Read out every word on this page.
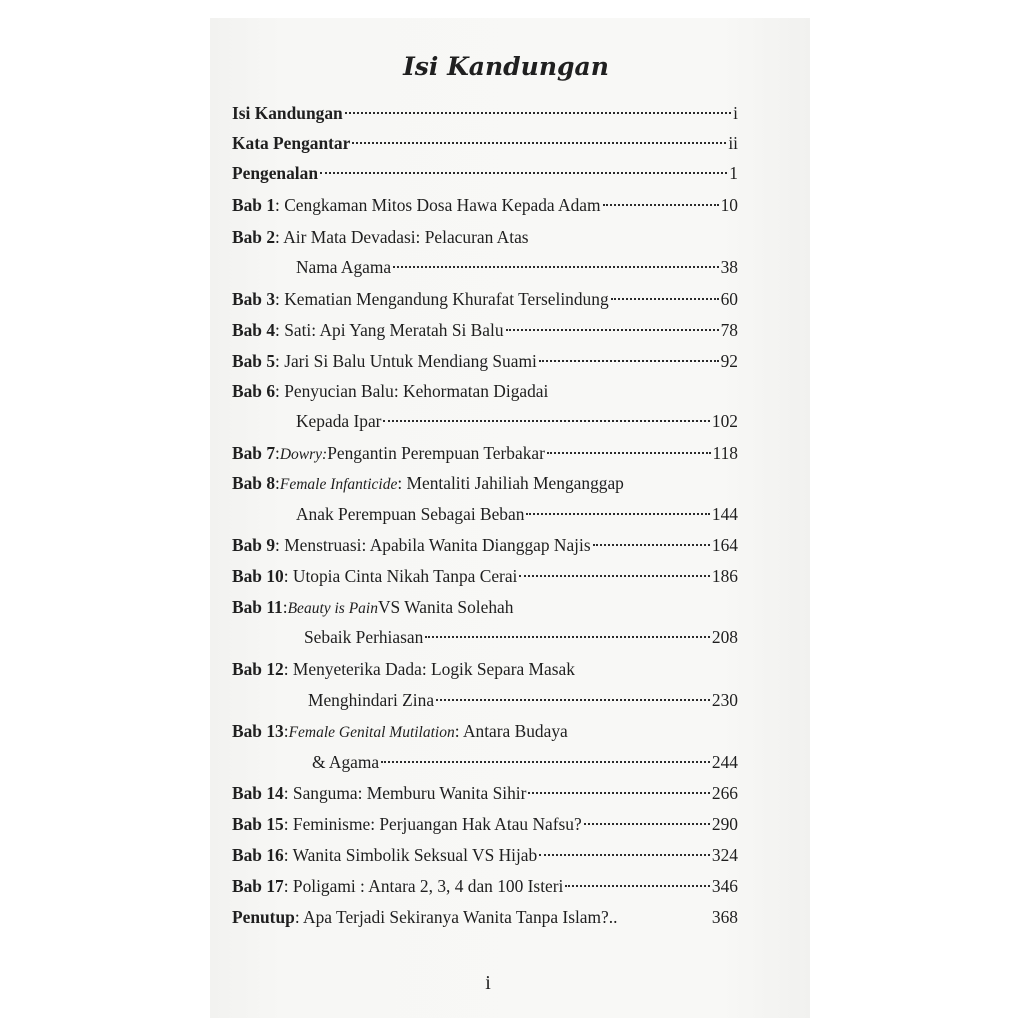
Isi Kandungan
Isi Kandungan	i
Kata Pengantar	ii
Pengenalan	1
Bab 1 : Cengkaman Mitos Dosa Hawa Kepada Adam	10
Bab 2 : Air Mata Devadasi: Pelacuran Atas
Nama Agama	38
Bab 3 : Kematian Mengandung Khurafat Terselindung	60
Bab 4 : Sati: Api Yang Meratah Si Balu	78
Bab 5 : Jari Si Balu Untuk Mendiang Suami	92
Bab 6 : Penyucian Balu: Kehormatan Digadai
Kepada Ipar	102
Bab 7 : Dowry: Pengantin Perempuan Terbakar	118
Bab 8 : Female Infanticide : Mentaliti Jahiliah Menganggap
Anak Perempuan Sebagai Beban	144
Bab 9 : Menstruasi: Apabila Wanita Dianggap Najis	164
Bab 10 : Utopia Cinta Nikah Tanpa Cerai	186
Bab 11 : Beauty is Pain VS Wanita Solehah
Sebaik Perhiasan	208
Bab 12 : Menyeterika Dada: Logik Separa Masak
Menghindari Zina	230
Bab 13 : Female Genital Mutilation : Antara Budaya
& Agama	244
Bab 14 : Sanguma: Memburu Wanita Sihir	266
Bab 15 : Feminisme: Perjuangan Hak Atau Nafsu?	290
Bab 16 : Wanita Simbolik Seksual VS Hijab	324
Bab 17 : Poligami : Antara 2, 3, 4 dan 100 Isteri	346
Penutup : Apa Terjadi Sekiranya Wanita Tanpa Islam?..	368
i
